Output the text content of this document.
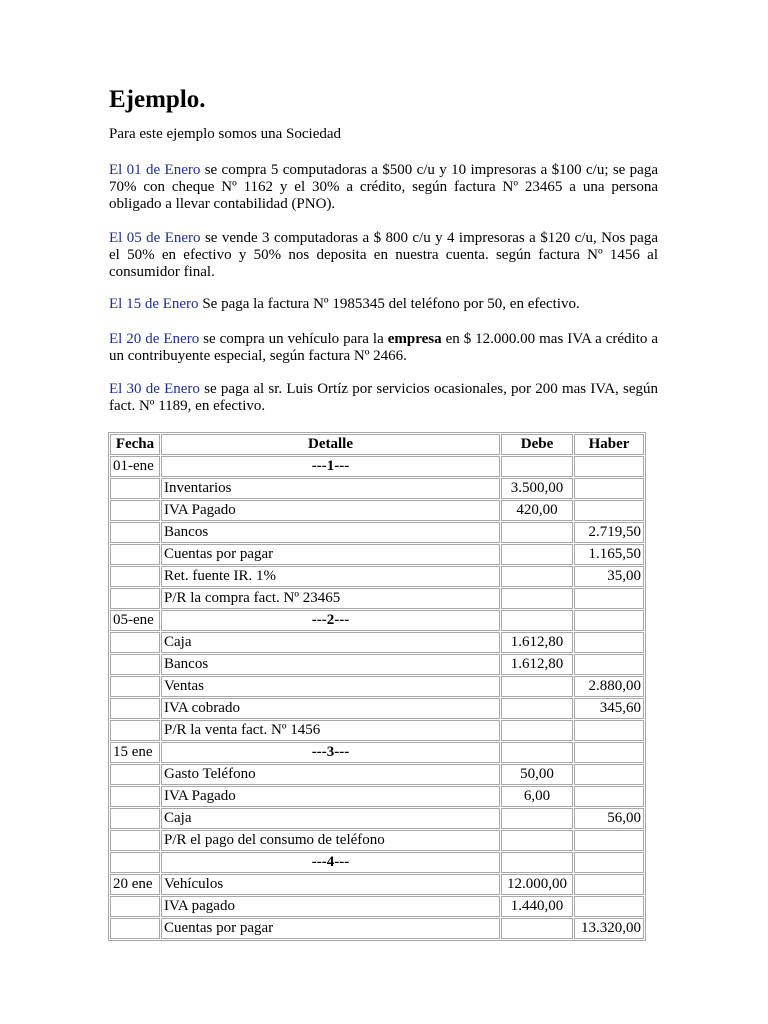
Ejemplo.

Para este ejemplo somos una Sociedad

El 01 de Enero se compra 5 computadoras a $500 c/u y 10 impresoras a $100 c/u; se paga 70% con cheque Nº 1162 y el 30% a crédito, según factura Nº 23465 a una persona obligado a llevar contabilidad (PNO).

El 05 de Enero se vende 3 computadoras a $ 800 c/u y 4 impresoras a $120 c/u, Nos paga el 50% en efectivo y 50% nos deposita en nuestra cuenta. según factura Nº 1456 al consumidor final.

El 15 de Enero Se paga la factura Nº 1985345 del teléfono por 50, en efectivo.

El 20 de Enero se compra un vehículo para la empresa en $ 12.000.00 mas IVA a crédito a un contribuyente especial, según factura Nº 2466.

El 30 de Enero se paga al sr. Luis Ortíz por servicios ocasionales, por 200 mas IVA, según fact. Nº 1189, en efectivo.

Fecha	Detalle	Debe	Haber
01-ene	---1---		
	Inventarios	3.500,00	
	IVA Pagado	420,00	
	Bancos		2.719,50
	Cuentas por pagar		1.165,50
	Ret. fuente IR. 1%		35,00
	P/R la compra fact. Nº 23465		
05-ene	---2---		
	Caja	1.612,80	
	Bancos	1.612,80	
	Ventas		2.880,00
	IVA cobrado		345,60
	P/R la venta fact. Nº 1456		
15 ene	---3---		
	Gasto Teléfono	50,00	
	IVA Pagado	6,00	
	Caja		56,00
	P/R el pago del consumo de teléfono		
	---4---		
20 ene	Vehículos	12.000,00	
	IVA pagado	1.440,00	
	Cuentas por pagar		13.320,00
